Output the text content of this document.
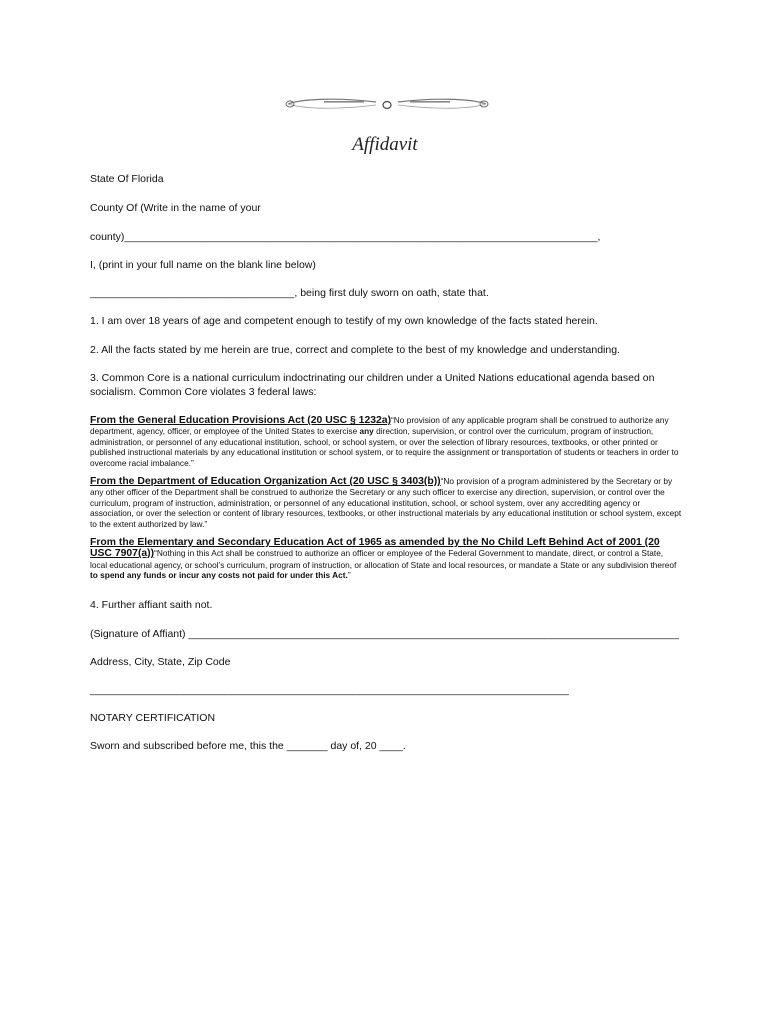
Affidavit
State Of Florida
County Of (Write in the name of your
county)_________________________________________________________________________________,
I, (print in your full name on the blank line below)
___________________________________, being first duly sworn on oath, state that.
1. I am over 18 years of age and competent enough to testify of my own knowledge of the facts stated herein.
2. All the facts stated by me herein are true, correct and complete to the best of my knowledge and understanding.
3. Common Core is a national curriculum indoctrinating our children under a United Nations educational agenda based on socialism. Common Core violates 3 federal laws:
From the General Education Provisions Act (20 USC § 1232a)“No provision of any applicable program shall be construed to authorize any department, agency, officer, or employee of the United States to exercise any direction, supervision, or control over the curriculum, program of instruction, administration, or personnel of any educational institution, school, or school system, or over the selection of library resources, textbooks, or other printed or published instructional materials by any educational institution or school system, or to require the assignment or transportation of students or teachers in order to overcome racial imbalance.”
From the Department of Education Organization Act (20 USC § 3403(b))“No provision of a program administered by the Secretary or by any other officer of the Department shall be construed to authorize the Secretary or any such officer to exercise any direction, supervision, or control over the curriculum, program of instruction, administration, or personnel of any educational institution, school, or school system, over any accrediting agency or association, or over the selection or content of library resources, textbooks, or other instructional materials by any educational institution or school system, except to the extent authorized by law.”
From the Elementary and Secondary Education Act of 1965 as amended by the No Child Left Behind Act of 2001 (20 USC 7907(a))“Nothing in this Act shall be construed to authorize an officer or employee of the Federal Government to mandate, direct, or control a State, local educational agency, or school’s curriculum, program of instruction, or allocation of State and local resources, or mandate a State or any subdivision thereof to spend any funds or incur any costs not paid for under this Act.”
4. Further affiant saith not.
(Signature of Affiant) ____________________________________________________________________________________
Address, City, State, Zip Code
__________________________________________________________________________________
NOTARY CERTIFICATION
Sworn and subscribed before me, this the _______ day of, 20 ____.
